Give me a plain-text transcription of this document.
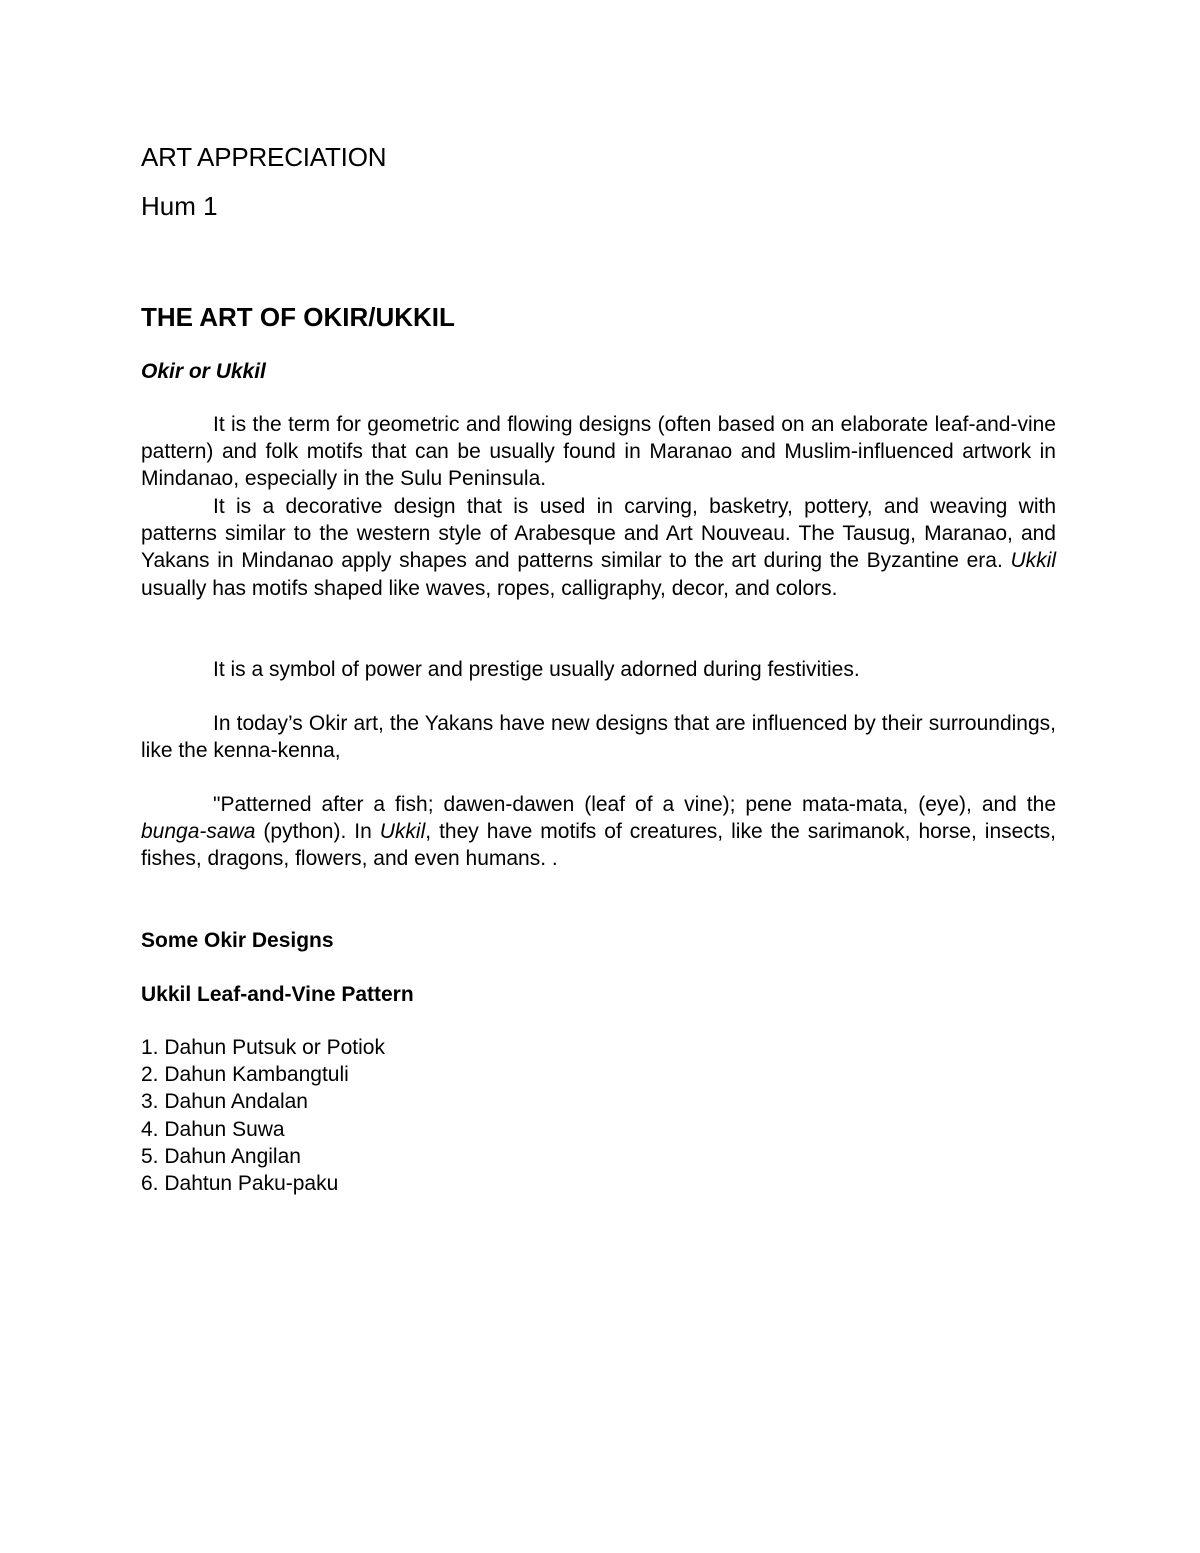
ART APPRECIATION
Hum 1
THE ART OF OKIR/UKKIL
Okir or Ukkil

It is the term for geometric and flowing designs (often based on an elaborate leaf-and-vine pattern) and folk motifs that can be usually found in Maranao and Muslim-influenced artwork in Mindanao, especially in the Sulu Peninsula.

It is a decorative design that is used in carving, basketry, pottery, and weaving with patterns similar to the western style of Arabesque and Art Nouveau. The Tausug, Maranao, and Yakans in Mindanao apply shapes and patterns similar to the art during the Byzantine era. Ukkil usually has motifs shaped like waves, ropes, calligraphy, decor, and colors.

It is a symbol of power and prestige usually adorned during festivities.

In today’s Okir art, the Yakans have new designs that are influenced by their surroundings, like the kenna-kenna,

"Patterned after a fish; dawen-dawen (leaf of a vine); pene mata-mata, (eye), and the bunga-sawa (python). In Ukkil, they have motifs of creatures, like the sarimanok, horse, insects, fishes, dragons, flowers, and even humans. .

Some Okir Designs
Ukkil Leaf-and-Vine Pattern
1. Dahun Putsuk or Potiok
2. Dahun Kambangtuli
3. Dahun Andalan
4. Dahun Suwa
5. Dahun Angilan
6. Dahtun Paku-paku
